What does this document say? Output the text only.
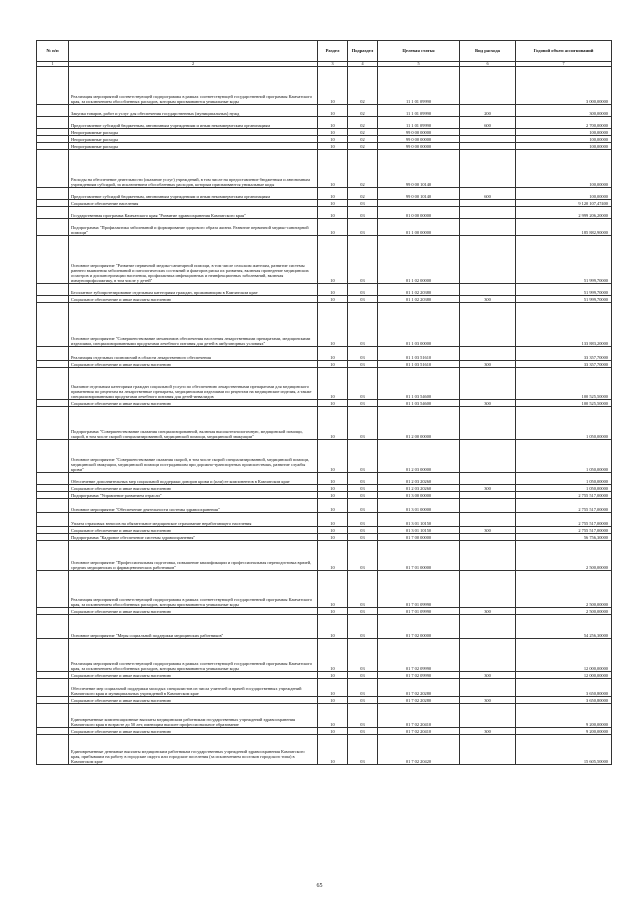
№ п/п		Раздел	Подраздел	Целевая статья	Вид расхода	Годовой объем ассигнований
1	2	3	4	5	6	7
	Реализация мероприятий соответствующей подпрограммы в рамках соответствующей государственной программы Камчатского края, за исключением обособленных расходов, которым присваиваются уникальные коды	10	02	11 1 01 09990		3 000,00000
	Закупка товаров, работ и услуг для обеспечения государственных (муниципальных) нужд	10	02	11 1 01 09990	200	300,00000
	Предоставление субсидий бюджетным, автономным учреждениям и иным некоммерческим организациям	10	02	11 1 01 09990	600	2 700,00000
	Непрограммные расходы	10	02	99 0 00 00000		100,00000
	Непрограммные расходы	10	02	99 0 00 00000		100,00000
	Непрограммные расходы	10	02	99 0 00 00000		100,00000
	Расходы на обеспечение деятельности (оказание услуг) учреждений, в том числе на предоставление бюджетным и автономным учреждениям субсидий, за исключением обособленных расходов, которым присваиваются уникальные коды	10	02	99 0 00 10140		100,00000
	Предоставление субсидий бюджетным, автономным учреждениям и иным некоммерческим организациям	10	02	99 0 00 10140	600	100,00000
	Социальное обеспечение населения	10	03			9 120 107,47400
	Государственная программа Камчатского края "Развитие здравоохранения Камчатского края"	10	03	01 0 00 00000		2 999 206,20000
	Подпрограмма "Профилактика заболеваний и формирование здорового образа жизни. Развитие первичной медико-санитарной помощи"	10	03	01 1 00 00000		185 882,90000
	Основное мероприятие "Развитие первичной медико-санитарной помощи, в том числе сельским жителям, развитие системы раннего выявления заболеваний и патологических состояний и факторов риска их развития, включая проведение медицинских осмотров и диспансеризации населения, профилактика инфекционных и неинфекционных заболеваний, включая иммунопрофилактику, в том числе у детей"	10	03	01 1 02 00000		51 999,70000
	Бесплатное зубопротезирование отдельным категориям граждан, проживающим в Камчатском крае	10	03	01 1 02 20380		51 999,70000
	Социальное обеспечение и иные выплаты населению	10	03	01 1 02 20380	300	51 999,70000
	Основное мероприятие "Совершенствование механизмов обеспечения населения лекарственными препаратами, медицинскими изделиями, специализированными продуктами лечебного питания для детей в амбулаторных условиях"	10	03	01 1 03 00000		133 883,20000
	Реализация отдельных полномочий в области лекарственного обеспечения	10	03	01 1 03 51610		33 357,70000
	Социальное обеспечение и иные выплаты населению	10	03	01 1 03 51610	300	33 357,70000
	Оказание отдельным категориям граждан социальной услуги по обеспечению лекарственными препаратами для медицинского применения по рецептам на лекарственные препараты, медицинскими изделиями по рецептам на медицинские изделия, а также специализированными продуктами лечебного питания для детей-инвалидов	10	03	01 1 03 54600		100 525,50000
	Социальное обеспечение и иные выплаты населению	10	03	01 1 03 54600	300	100 525,50000
	Подпрограмма "Совершенствование оказания специализированной, включая высокотехнологичную, медицинской помощи, скорой, в том числе скорой специализированной, медицинской помощи, медицинской эвакуации"	10	03	01 2 00 00000		1 050,00000
	Основное мероприятие "Совершенствование оказания скорой, в том числе скорой специализированной, медицинской помощи, медицинской эвакуации, медицинской помощи пострадавшим при дорожно-транспортных происшествиях, развитие службы крови"	10	03	01 2 03 00000		1 050,00000
	Обеспечение дополнительных мер социальной поддержки доноров крови и (или) ее компонентов в Камчатском крае	10	03	01 2 03 20260		1 050,00000
	Социальное обеспечение и иные выплаты населению	10	03	01 2 03 20260	300	1 050,00000
	Подпрограмма "Управление развитием отрасли"	10	03	01 3 00 00000		2 755 517,00000
	Основное мероприятие "Обеспечение деятельности системы здравоохранения"	10	03	01 3 01 00000		2 755 517,00000
	Уплата страховых взносов на обязательное медицинское страхование неработающего населения	10	03	01 3 01 10150		2 755 517,00000
	Социальное обеспечение и иные выплаты населению	10	03	01 3 01 10150	300	2 755 517,00000
	Подпрограмма "Кадровое обеспечение системы здравоохранения"	10	03	01 7 00 00000		56 756,30000
	Основное мероприятие "Профессиональная подготовка, повышение квалификации и профессиональная переподготовка врачей, средних медицинских и фармацевтических работников"	10	03	01 7 01 00000		2 500,00000
	Реализация мероприятий соответствующей подпрограммы в рамках соответствующей государственной программы Камчатского края, за исключением обособленных расходов, которым присваиваются уникальные коды	10	03	01 7 01 09990		2 500,00000
	Социальное обеспечение и иные выплаты населению	10	03	01 7 01 09990	300	2 500,00000
	Основное мероприятие "Меры социальной поддержки медицинских работников"	10	03	01 7 02 00000		54 256,30000
	Реализация мероприятий соответствующей подпрограммы в рамках соответствующей государственной программы Камчатского края, за исключением обособленных расходов, которым присваиваются уникальные коды	10	03	01 7 02 09990		12 000,00000
	Социальное обеспечение и иные выплаты населению	10	03	01 7 02 09990	300	12 000,00000
	Обеспечение мер социальной поддержки молодых специалистов из числа учителей и врачей государственных учреждений Камчатского края и муниципальных учреждений в Камчатском крае	10	03	01 7 02 20280		3 650,80000
	Социальное обеспечение и иные выплаты населению	10	03	01 7 02 20280	300	3 650,80000
	Единовременные компенсационные выплаты медицинским работникам государственных учреждений здравоохранения Камчатского края в возрасте до 50 лет, имеющим высшее профессиональное образование	10	03	01 7 02 20410		9 200,00000
	Социальное обеспечение и иные выплаты населению	10	03	01 7 02 20410	300	9 200,00000
	Единовременные денежные выплаты медицинским работникам государственных учреждений здравоохранения Камчатского края, прибывшим на работу в городские округа или городские поселения (за исключением поселков городского типа) в Камчатском крае	10	03	01 7 02 20420		15 605,50000
65
